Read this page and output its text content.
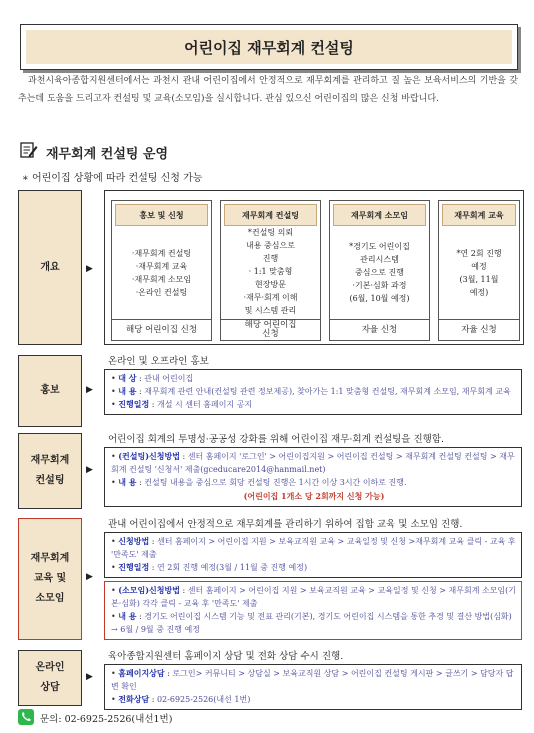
어린이집 재무회계 컨설팅
과천시육아종합지원센터에서는 과천시 관내 어린이집에서 안정적으로 재무회계를 관리하고 질 높은 보육서비스의 기반을 갖추는데 도움을 드리고자 컨설팅 및 교육(소모임)을 실시합니다. 관심 있으신 어린이집의 많은 신청 바랍니다.
재무회계 컨설팅 운영
∗ 어린이집 상황에 따라 컨설팅 신청 가능
개요	▶
홍보	▶
재무회계
컨설팅
▶
재무회계
교육 및
소모임
▶
온라인
상담
▶
홍보 및 신청
·재무회계 컨설팅
·재무회계 교육
·재무회계 소모임
·온라인 컨설팅
해당 어린이집 신청
재무회계 컨설팅
*컨설팅 의뢰
내용 중심으로
진행
· 1:1 맞춤형
현장방문
·재무·회계 이해
및 시스템 관리
해당 어린이집
신청
재무회계 소모임
*경기도 어린이집
관리시스템
중심으로 진행
·기본·심화 과정
(6월, 10월 예정)
자율 신청
재무회계 교육
*연 2회 진행
예정
(3월, 11월
예정)
자율 신청
온라인 및 오프라인 홍보
• 대 상 : 관내 어린이집
• 내 용 : 재무회계 관련 안내(컨설팅 관련 정보제공), 찾아가는 1:1 맞춤형 컨설팅, 재무회계 소모임, 재무회계 교육
• 진행일정 : 개설 시 센터 홈페이지 공지
어린이집 회계의 투명성·공공성 강화를 위해 어린이집 재무·회계 컨설팅을 진행함.
• (컨설팅)신청방법 : 센터 홈페이지 '로그인' > 어린이집지원 > 어린이집 컨설팅 > 재무회계 컨설팅 컨설팅 > 재무회계 컨설팅 '신청서' 제출(gceducare2014@hanmail.net)
• 내 용 : 컨설팅 내용을 중심으로 회당 컨설팅 진행은 1시간 이상 3시간 이하로 진행.
(어린이집 1개소 당 2회까지 신청 가능)
관내 어린이집에서 안정적으로 재무회계를 관리하기 위하여 집합 교육 및 소모임 진행.
• 신청방법 : 센터 홈페이지 > 어린이집 지원 > 보육교직원 교육 > 교육일정 및 신청 >재무회계 교육 클릭 - 교육 후 '만족도' 제출
• 진행일정 : 연 2회 진행 예정(3월 / 11월 중 진행 예정)
• (소모임)신청방법 : 센터 홈페이지 > 어린이집 지원 > 보육교직원 교육 > 교육일정 및 신청 > 재무회계 소모임(기본·심화) 각각 클릭 - 교육 후 '만족도' 제출
• 내 용 : 경기도 어린이집 시스템 기능 및 전표 관리(기본), 경기도 어린이집 시스템을 통한 추경 및 결산 방법(심화) → 6월 / 9월 중 진행 예정
육아종합지원센터 홈페이지 상담 및 전화 상담 수시 진행.
• 홈페이지상담 : 로그인> 커뮤니티 > 상담실 > 보육교직원 상담 > 어린이집 컨설팅 게시판 > 글쓰기 > 담당자 답변 확인
• 전화상담 : 02-6925-2526(내선 1번)
문의: 02-6925-2526(내선1번)
